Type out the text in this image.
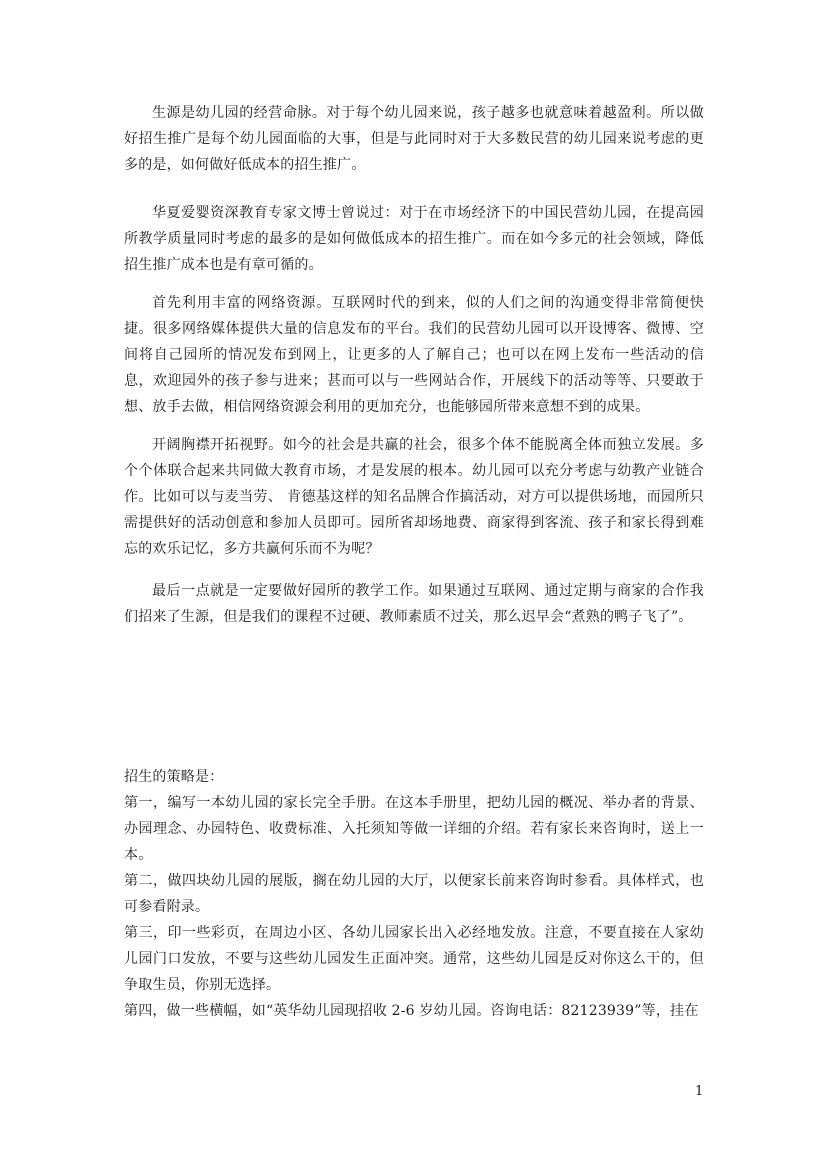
生源是幼儿园的经营命脉。对于每个幼儿园来说，孩子越多也就意味着越盈利。所以做好招生推广是每个幼儿园面临的大事，但是与此同时对于大多数民营的幼儿园来说考虑的更多的是，如何做好低成本的招生推广。

华夏爱婴资深教育专家文博士曾说过：对于在市场经济下的中国民营幼儿园，在提高园所教学质量同时考虑的最多的是如何做低成本的招生推广。而在如今多元的社会领域，降低招生推广成本也是有章可循的。

首先利用丰富的网络资源。互联网时代的到来，似的人们之间的沟通变得非常简便快捷。很多网络媒体提供大量的信息发布的平台。我们的民营幼儿园可以开设博客、微博、空间将自己园所的情况发布到网上，让更多的人了解自己；也可以在网上发布一些活动的信息，欢迎园外的孩子参与进来；甚而可以与一些网站合作，开展线下的活动等等、只要敢于想、放手去做，相信网络资源会利用的更加充分，也能够园所带来意想不到的成果。

开阔胸襟开拓视野。如今的社会是共赢的社会，很多个体不能脱离全体而独立发展。多个个体联合起来共同做大教育市场，才是发展的根本。幼儿园可以充分考虑与幼教产业链合作。比如可以与麦当劳、 肯德基这样的知名品牌合作搞活动，对方可以提供场地，而园所只需提供好的活动创意和参加人员即可。园所省却场地费、商家得到客流、孩子和家长得到难忘的欢乐记忆，多方共赢何乐而不为呢？

最后一点就是一定要做好园所的教学工作。如果通过互联网、通过定期与商家的合作我们招来了生源，但是我们的课程不过硬、教师素质不过关，那么迟早会“煮熟的鸭子飞了”。

招生的策略是：

第一，编写一本幼儿园的家长完全手册。在这本手册里，把幼儿园的概况、举办者的背景、办园理念、办园特色、收费标准、入托须知等做一详细的介绍。若有家长来咨询时，送上一本。

第二，做四块幼儿园的展版，搁在幼儿园的大厅，以便家长前来咨询时参看。具体样式，也可参看附录。

第三，印一些彩页，在周边小区、各幼儿园家长出入必经地发放。注意，不要直接在人家幼儿园门口发放，不要与这些幼儿园发生正面冲突。通常，这些幼儿园是反对你这么干的，但争取生员，你别无选择。

第四，做一些横幅，如“英华幼儿园现招收 2-6 岁幼儿园。咨询电话：82123939”等，挂在

1
